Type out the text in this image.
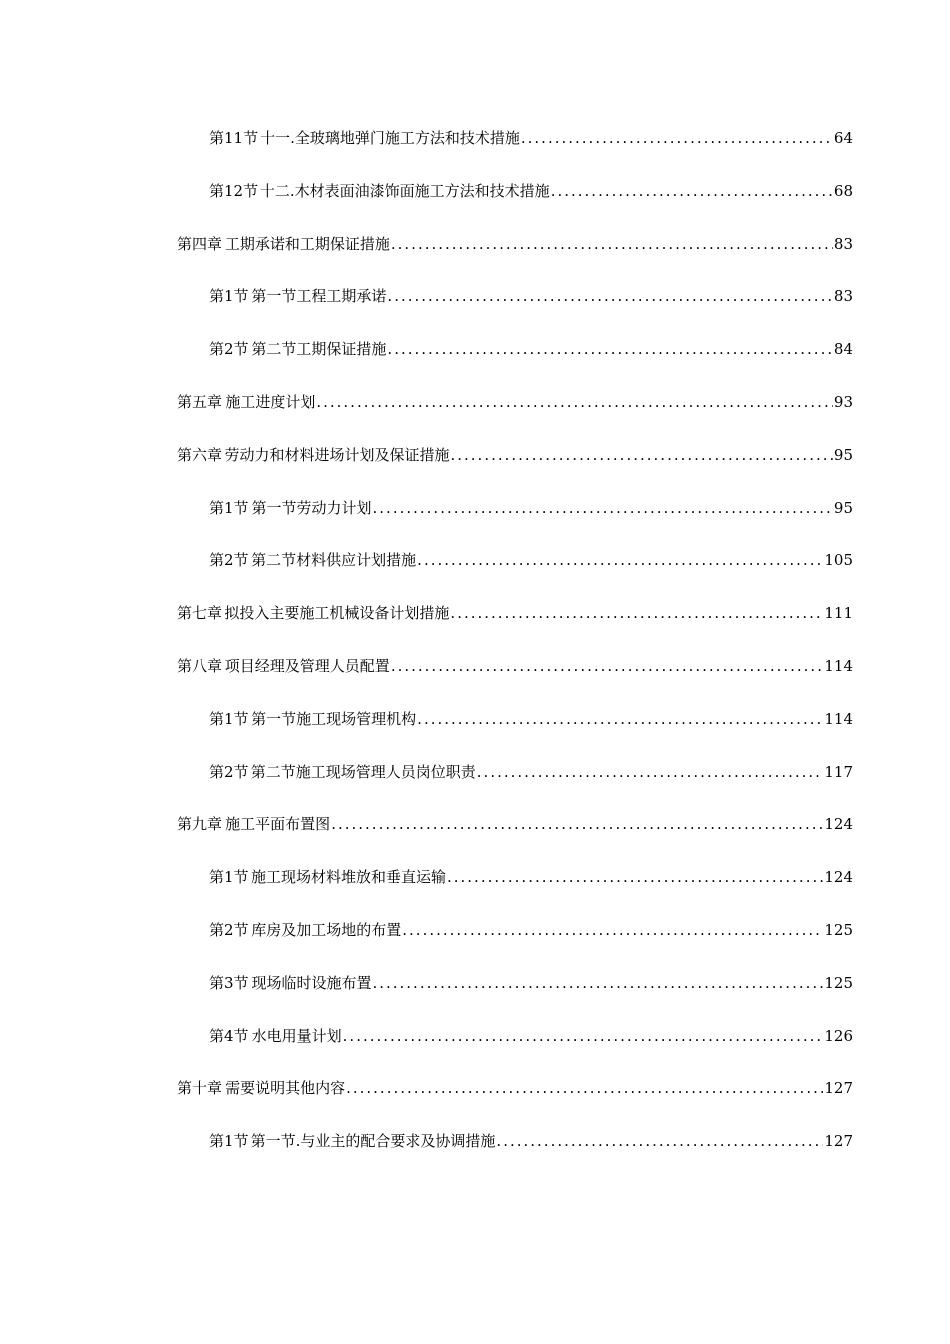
第11节 十一.全玻璃地弹门施工方法和技术措施 .....	64
第12节 十二.木材表面油漆饰面施工方法和技术措施 .....	68
第四章 工期承诺和工期保证措施 .....	83
第1节 第一节工程工期承诺 .....	83
第2节 第二节工期保证措施 .....	84
第五章 施工进度计划 .....	93
第六章 劳动力和材料进场计划及保证措施 .....	95
第1节 第一节劳动力计划 .....	95
第2节 第二节材料供应计划措施 .....	105
第七章 拟投入主要施工机械设备计划措施 .....	111
第八章 项目经理及管理人员配置 .....	114
第1节 第一节施工现场管理机构 .....	114
第2节 第二节施工现场管理人员岗位职责 .....	117
第九章 施工平面布置图 .....	124
第1节 施工现场材料堆放和垂直运输 .....	124
第2节 库房及加工场地的布置 .....	125
第3节 现场临时设施布置 .....	125
第4节 水电用量计划 .....	126
第十章 需要说明其他内容 .....	127
第1节 第一节.与业主的配合要求及协调措施 .....	127
